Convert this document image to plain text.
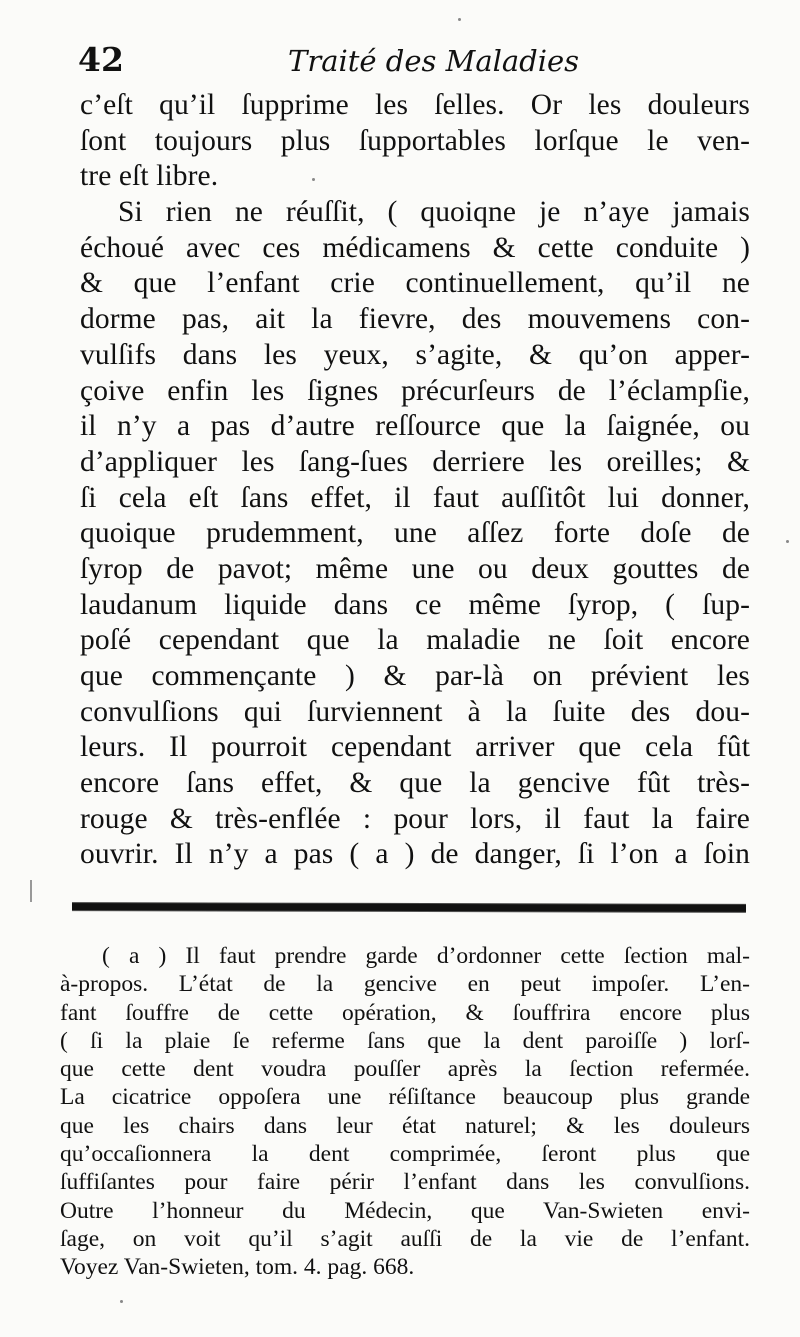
42	Traité des Maladies
c’eſt qu’il ſupprime les ſelles. Or les douleurs
ſont toujours plus ſupportables lorſque le ven-
tre eſt libre.
Si rien ne réuſſit, ( quoiqne je n’aye jamais
échoué avec ces médicamens & cette conduite )
& que l’enfant crie continuellement, qu’il ne
dorme pas, ait la fievre, des mouvemens con-
vulſifs dans les yeux, s’agite, & qu’on apper-
çoive enfin les ſignes précurſeurs de l’éclampſie,
il n’y a pas d’autre reſſource que la ſaignée, ou
d’appliquer les ſang-ſues derriere les oreilles; &
ſi cela eſt ſans effet, il faut auſſitôt lui donner,
quoique prudemment, une aſſez forte doſe de
ſyrop de pavot; même une ou deux gouttes de
laudanum liquide dans ce même ſyrop, ( ſup-
poſé cependant que la maladie ne ſoit encore
que commençante ) & par-là on prévient les
convulſions qui ſurviennent à la ſuite des dou-
leurs. Il pourroit cependant arriver que cela fût
encore ſans effet, & que la gencive fût très-
rouge & très-enflée : pour lors, il faut la faire
ouvrir. Il n’y a pas ( a ) de danger, ſi l’on a ſoin
( a ) Il faut prendre garde d’ordonner cette ſection mal-
à-propos. L’état de la gencive en peut impoſer. L’en-
fant ſouffre de cette opération, & ſouffrira encore plus
( ſi la plaie ſe referme ſans que la dent paroiſſe ) lorſ-
que cette dent voudra pouſſer après la ſection refermée.
La cicatrice oppoſera une réſiſtance beaucoup plus grande
que les chairs dans leur état naturel; & les douleurs
qu’occaſionnera la dent comprimée, ſeront plus que
ſuffiſantes pour faire périr l’enfant dans les convulſions.
Outre l’honneur du Médecin, que Van-Swieten envi-
ſage, on voit qu’il s’agit auſſi de la vie de l’enfant.
Voyez Van-Swieten, tom. 4. pag. 668.
